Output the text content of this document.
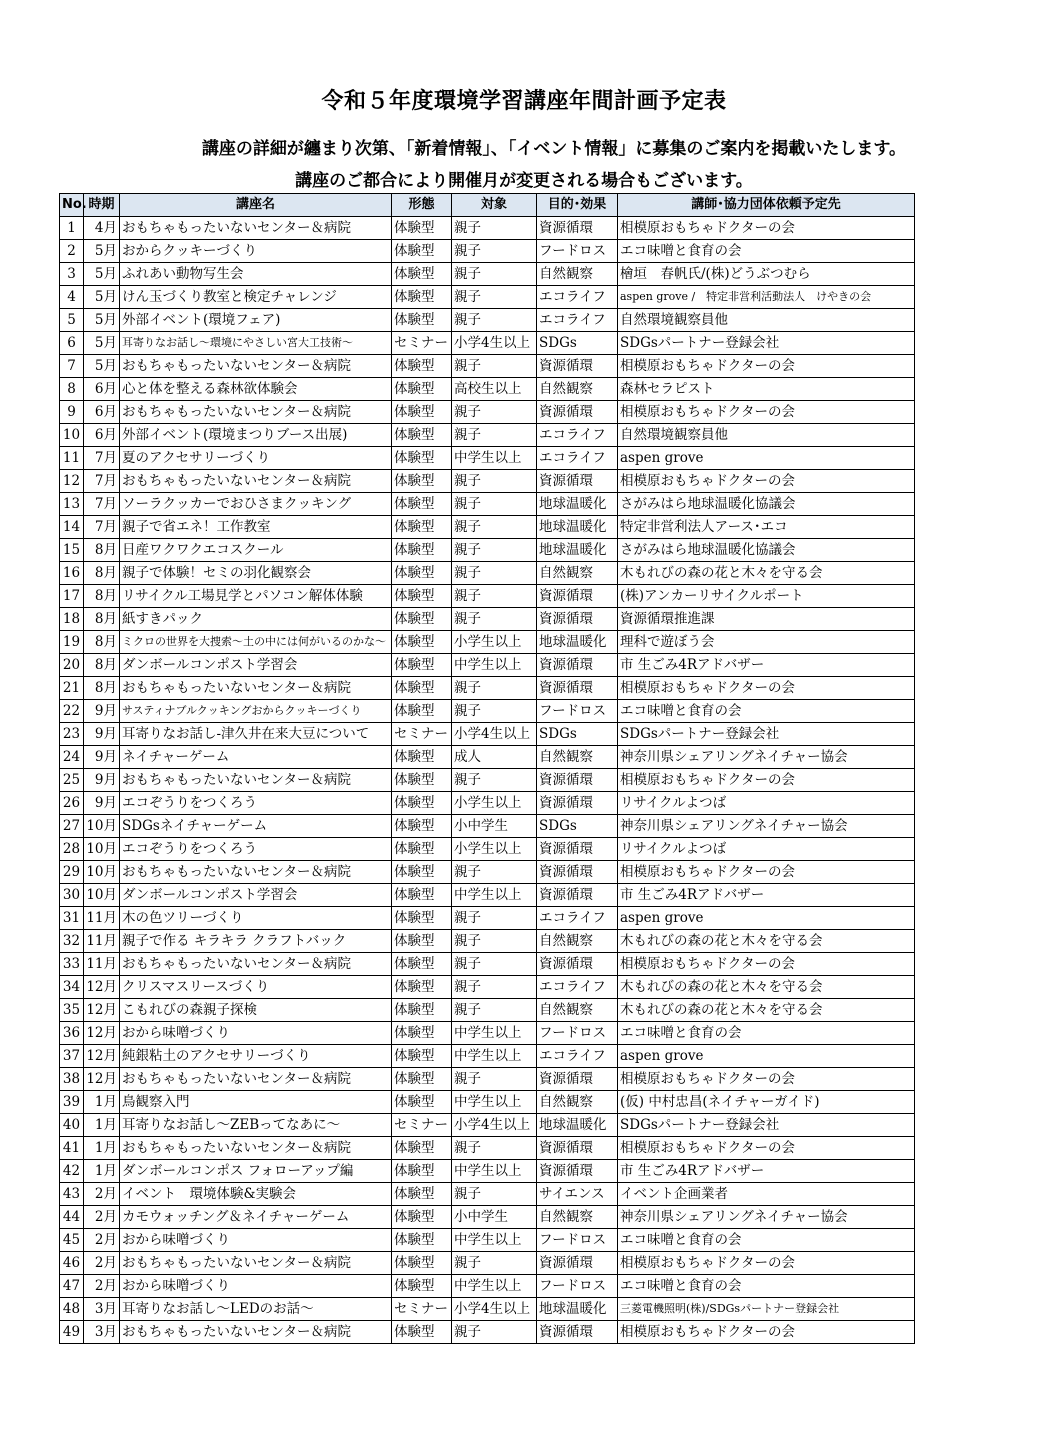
令和５年度環境学習講座年間計画予定表
講座の詳細が纏まり次第、「新着情報」、「イベント情報」に募集のご案内を掲載いたします。
講座のご都合により開催月が変更される場合もございます。
No.	時期	講座名	形態	対象	目的･効果	講師･協力団体依頼予定先
1	4月	おもちゃもったいないセンター＆病院	体験型	親子	資源循環	相模原おもちゃドクターの会
2	5月	おからクッキーづくり	体験型	親子	フードロス	エコ味噌と食育の会
3	5月	ふれあい動物写生会	体験型	親子	自然観察	檜垣　春帆氏/(株)どうぶつむら
4	5月	けん玉づくり教室と検定チャレンジ	体験型	親子	エコライフ	aspen grove /　特定非営利活動法人　けやきの会
5	5月	外部イベント(環境フェア)	体験型	親子	エコライフ	自然環境観察員他
6	5月	耳寄りなお話し～環境にやさしい宮大工技術～	セミナー	小学4生以上	SDGs	SDGsパートナー登録会社
7	5月	おもちゃもったいないセンター＆病院	体験型	親子	資源循環	相模原おもちゃドクターの会
8	6月	心と体を整える森林欲体験会	体験型	高校生以上	自然観察	森林セラピスト
9	6月	おもちゃもったいないセンター＆病院	体験型	親子	資源循環	相模原おもちゃドクターの会
10	6月	外部イベント(環境まつりブース出展)	体験型	親子	エコライフ	自然環境観察員他
11	7月	夏のアクセサリーづくり	体験型	中学生以上	エコライフ	aspen grove
12	7月	おもちゃもったいないセンター＆病院	体験型	親子	資源循環	相模原おもちゃドクターの会
13	7月	ソーラクッカーでおひさまクッキング	体験型	親子	地球温暖化	さがみはら地球温暖化協議会
14	7月	親子で省エネ！工作教室	体験型	親子	地球温暖化	特定非営利法人アース･エコ
15	8月	日産ワクワクエコスクール	体験型	親子	地球温暖化	さがみはら地球温暖化協議会
16	8月	親子で体験！セミの羽化観察会	体験型	親子	自然観察	木もれびの森の花と木々を守る会
17	8月	リサイクル工場見学とパソコン解体体験	体験型	親子	資源循環	(株)アンカーリサイクルポート
18	8月	紙すきパック	体験型	親子	資源循環	資源循環推進課
19	8月	ミクロの世界を大捜索～土の中には何がいるのかな～	体験型	小学生以上	地球温暖化	理科で遊ぼう会
20	8月	ダンボールコンポスト学習会	体験型	中学生以上	資源循環	市 生ごみ4Rアドバザー
21	8月	おもちゃもったいないセンター＆病院	体験型	親子	資源循環	相模原おもちゃドクターの会
22	9月	サスティナブルクッキングおからクッキーづくり	体験型	親子	フードロス	エコ味噌と食育の会
23	9月	耳寄りなお話し-津久井在来大豆について	セミナー	小学4生以上	SDGs	SDGsパートナー登録会社
24	9月	ネイチャーゲーム	体験型	成人	自然観察	神奈川県シェアリングネイチャー協会
25	9月	おもちゃもったいないセンター＆病院	体験型	親子	資源循環	相模原おもちゃドクターの会
26	9月	エコぞうりをつくろう	体験型	小学生以上	資源循環	リサイクルよつば
27	10月	SDGsネイチャーゲーム	体験型	小中学生	SDGs	神奈川県シェアリングネイチャー協会
28	10月	エコぞうりをつくろう	体験型	小学生以上	資源循環	リサイクルよつば
29	10月	おもちゃもったいないセンター＆病院	体験型	親子	資源循環	相模原おもちゃドクターの会
30	10月	ダンボールコンポスト学習会	体験型	中学生以上	資源循環	市 生ごみ4Rアドバザー
31	11月	木の色ツリーづくり	体験型	親子	エコライフ	aspen grove
32	11月	親子で作る キラキラ クラフトバック	体験型	親子	自然観察	木もれびの森の花と木々を守る会
33	11月	おもちゃもったいないセンター＆病院	体験型	親子	資源循環	相模原おもちゃドクターの会
34	12月	クリスマスリースづくり	体験型	親子	エコライフ	木もれびの森の花と木々を守る会
35	12月	こもれびの森親子探検	体験型	親子	自然観察	木もれびの森の花と木々を守る会
36	12月	おから味噌づくり	体験型	中学生以上	フードロス	エコ味噌と食育の会
37	12月	純銀粘土のアクセサリーづくり	体験型	中学生以上	エコライフ	aspen grove
38	12月	おもちゃもったいないセンター＆病院	体験型	親子	資源循環	相模原おもちゃドクターの会
39	1月	鳥観察入門	体験型	中学生以上	自然観察	(仮) 中村忠昌(ネイチャーガイド)
40	1月	耳寄りなお話し～ZEBってなあに～	セミナー	小学4生以上	地球温暖化	SDGsパートナー登録会社
41	1月	おもちゃもったいないセンター＆病院	体験型	親子	資源循環	相模原おもちゃドクターの会
42	1月	ダンボールコンポス フォローアップ編	体験型	中学生以上	資源循環	市 生ごみ4Rアドバザー
43	2月	イベント　環境体験&実験会	体験型	親子	サイエンス	イベント企画業者
44	2月	カモウォッチング＆ネイチャーゲーム	体験型	小中学生	自然観察	神奈川県シェアリングネイチャー協会
45	2月	おから味噌づくり	体験型	中学生以上	フードロス	エコ味噌と食育の会
46	2月	おもちゃもったいないセンター＆病院	体験型	親子	資源循環	相模原おもちゃドクターの会
47	2月	おから味噌づくり	体験型	中学生以上	フードロス	エコ味噌と食育の会
48	3月	耳寄りなお話し～LEDのお話～	セミナー	小学4生以上	地球温暖化	三菱電機照明(株)/SDGsパートナー登録会社
49	3月	おもちゃもったいないセンター＆病院	体験型	親子	資源循環	相模原おもちゃドクターの会
